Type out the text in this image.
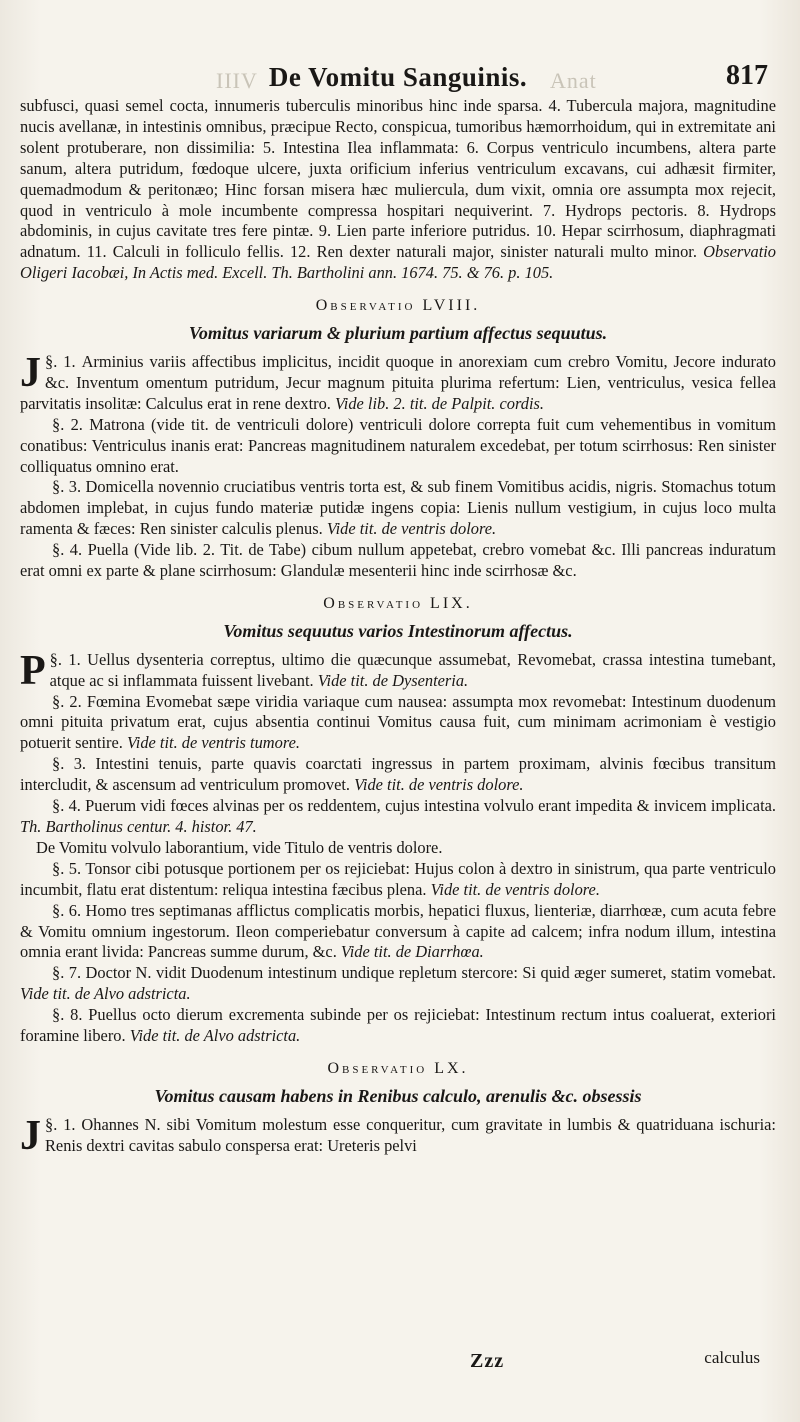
IIIV De Vomitu Sanguinis. Anat	817

subfusci, quasi semel cocta, innumeris tuberculis minoribus hinc inde sparsa. 4. Tubercula majora, magnitudine nucis avellanæ, in intestinis omnibus, præcipue Recto, conspicua, tumoribus hæmorrhoidum, qui in extremitate ani solent protuberare, non dissimilia: 5. Intestina Ilea inflammata: 6. Corpus ventriculo incumbens, altera parte sanum, altera putridum, fœdoque ulcere, juxta orificium inferius ventriculum excavans, cui adhæsit firmiter, quemadmodum & peritonæo; Hinc forsan misera hæc muliercula, dum vixit, omnia ore assumpta mox rejecit, quod in ventriculo à mole incumbente compressa hospitari nequiverint. 7. Hydrops pectoris. 8. Hydrops abdominis, in cujus cavitate tres fere pintæ. 9. Lien parte inferiore putridus. 10. Hepar scirrhosum, diaphragmati adnatum. 11. Calculi in folliculo fellis. 12. Ren dexter naturali major, sinister naturali multo minor. Observatio Oligeri Iacobæi, In Actis med. Excell. Th. Bartholini ann. 1674. 75. & 76. p. 105.

Observatio LVIII.
Vomitus variarum & plurium partium affectus sequutus.

§. 1.
J Arminius variis affectibus implicitus, incidit quoque in anorexiam cum crebro Vomitu, Jecore indurato &c. Inventum omentum putridum, Jecur magnum pituita plurima refertum: Lien, ventriculus, vesica fellea parvitatis insolitæ: Calculus erat in rene dextro. Vide lib. 2. tit. de Palpit. cordis.

§. 2. Matrona (vide tit. de ventriculi dolore) ventriculi dolore correpta fuit cum vehementibus in vomitum conatibus: Ventriculus inanis erat: Pancreas magnitudinem naturalem excedebat, per totum scirrhosus: Ren sinister colliquatus omnino erat.

§. 3. Domicella novennio cruciatibus ventris torta est, & sub finem Vomitibus acidis, nigris. Stomachus totum abdomen implebat, in cujus fundo materiæ putidæ ingens copia: Lienis nullum vestigium, in cujus loco multa ramenta & fæces: Ren sinister calculis plenus. Vide tit. de ventris dolore.

§. 4. Puella (Vide lib. 2. Tit. de Tabe) cibum nullum appetebat, crebro vomebat &c. Illi pancreas induratum erat omni ex parte & plane scirrhosum: Glandulæ mesenterii hinc inde scirrhosæ &c.

Observatio LIX.
Vomitus sequutus varios Intestinorum affectus.

§. 1.
P	Uellus dysenteria correptus, ultimo die quæcunque assumebat, Revomebat, crassa intestina tumebant, atque ac si inflammata fuissent livebant. Vide tit. de Dysenteria.

§. 2. Fœmina Evomebat sæpe viridia variaque cum nausea: assumpta mox revomebat: Intestinum duodenum omni pituita privatum erat, cujus absentia continui Vomitus causa fuit, cum minimam acrimoniam è vestigio potuerit sentire. Vide tit. de ventris tumore.

§. 3. Intestini tenuis, parte quavis coarctati ingressus in partem proximam, alvinis fœcibus transitum intercludit, & ascensum ad ventriculum promovet. Vide tit. de ventris dolore.

§. 4. Puerum vidi fœces alvinas per os reddentem, cujus intestina volvulo erant impedita & invicem implicata. Th. Bartholinus centur. 4. histor. 47.

De Vomitu volvulo laborantium, vide Titulo de ventris dolore.

§. 5. Tonsor cibi potusque portionem per os rejiciebat: Hujus colon à dextro in sinistrum, qua parte ventriculo incumbit, flatu erat distentum: reliqua intestina fæcibus plena. Vide tit. de ventris dolore.

§. 6. Homo tres septimanas afflictus complicatis morbis, hepatici fluxus, lienteriæ, diarrhœæ, cum acuta febre & Vomitu omnium ingestorum. Ileon comperiebatur conversum à capite ad calcem; infra nodum illum, intestina omnia erant livida: Pancreas summe durum, &c. Vide tit. de Diarrhœa.

§. 7. Doctor N. vidit Duodenum intestinum undique repletum stercore: Si quid æger sumeret, statim vomebat. Vide tit. de Alvo adstricta.

§. 8. Puellus octo dierum excrementa subinde per os rejiciebat: Intestinum rectum intus coaluerat, exteriori foramine libero. Vide tit. de Alvo adstricta.

Observatio LX.
Vomitus causam habens in Renibus calculo, arenulis &c. obsessis

§. 1.
J Ohannes N. sibi Vomitum molestum esse conqueritur, cum gravitate in lumbis & quatriduana ischuria: Renis dextri cavitas sabulo conspersa erat: Ureteris pelvi

Zzz	calculus
